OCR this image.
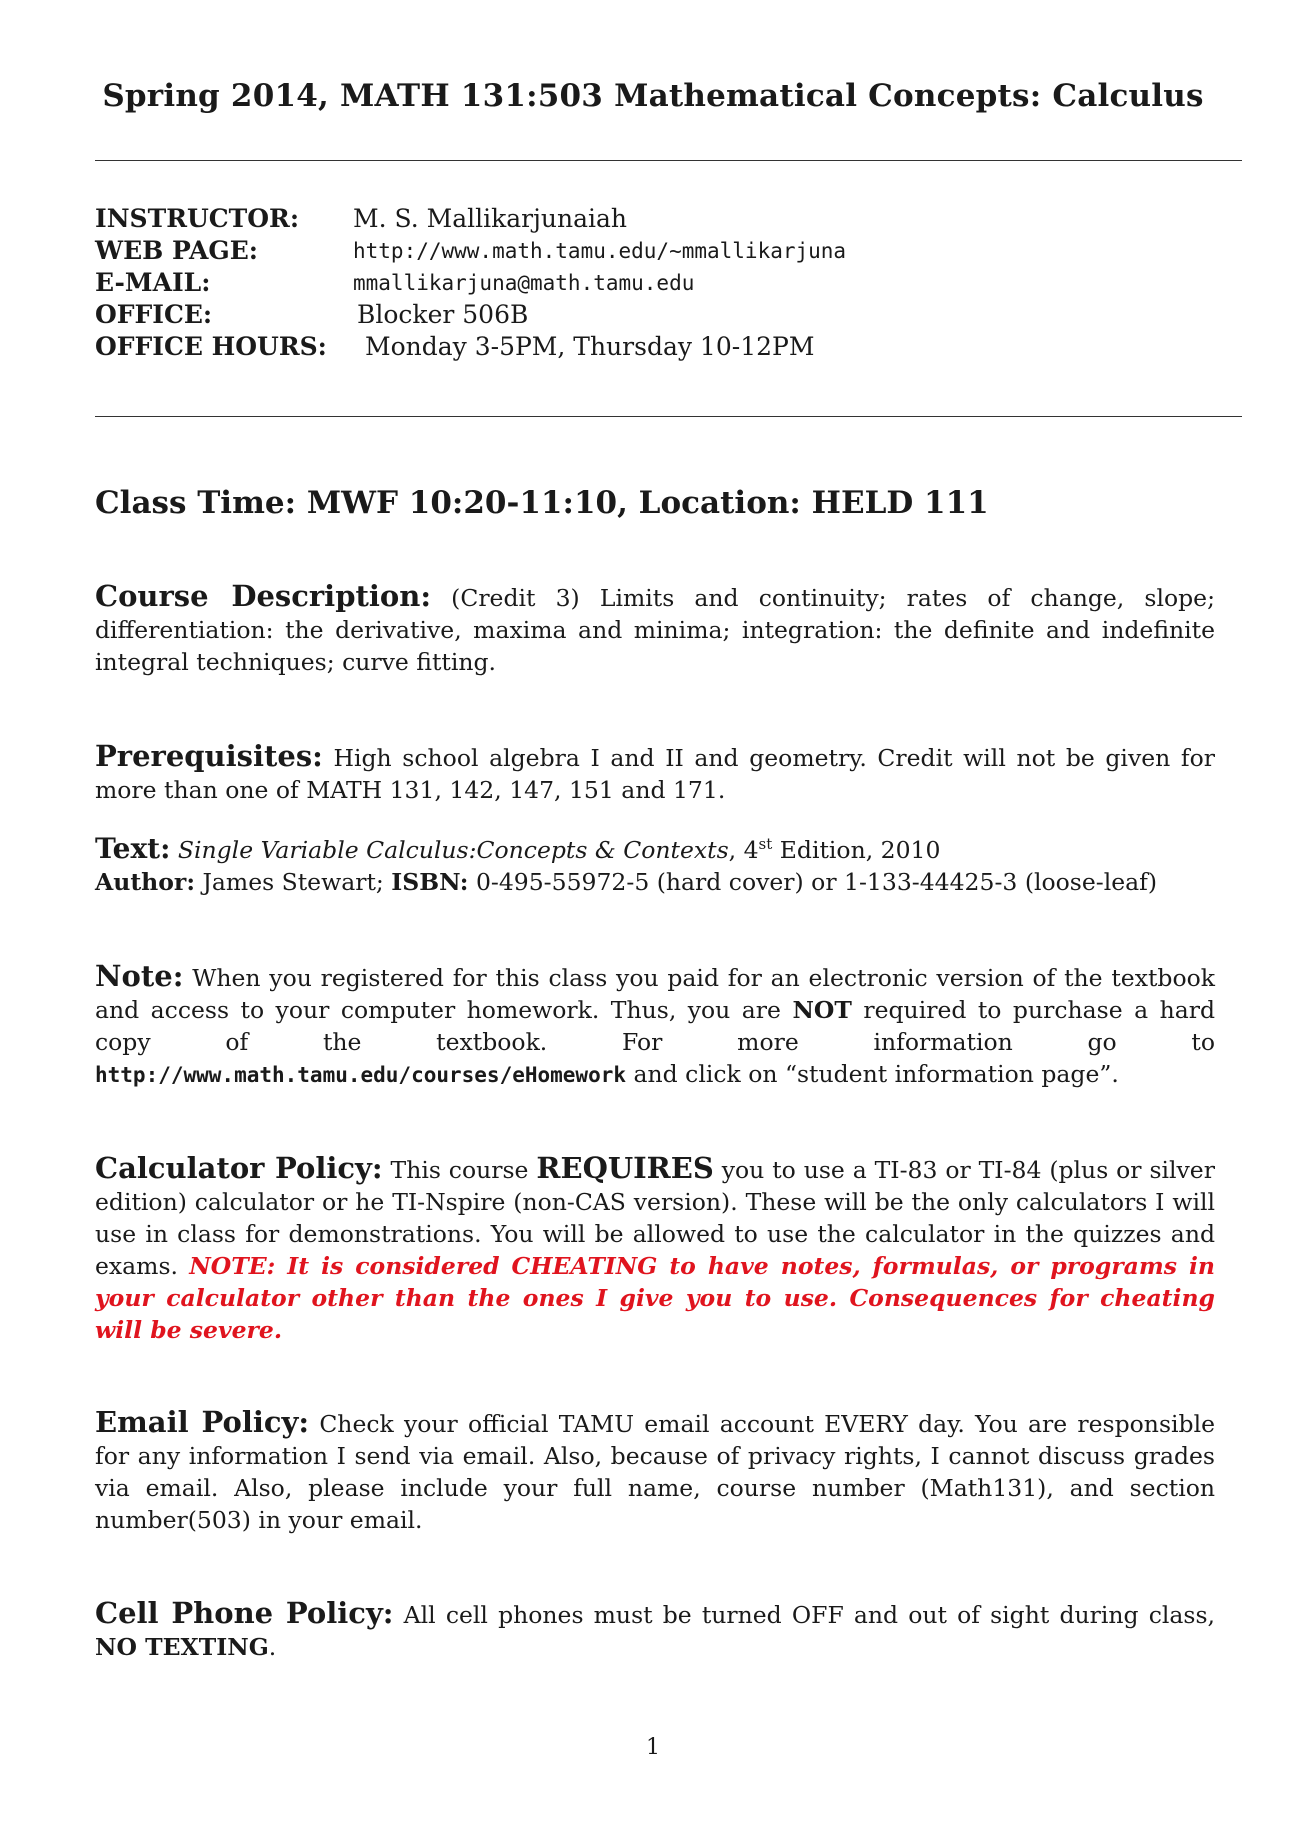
Spring 2014, MATH 131:503 Mathematical Concepts: Calculus
INSTRUCTOR: M. S. Mallikarjunaiah
WEB PAGE:	http://www.math.tamu.edu/~mmallikarjuna
E-MAIL:	mmallikarjuna@math.tamu.edu
OFFICE:	Blocker 506B
OFFICE HOURS: Monday 3-5PM, Thursday 10-12PM
Class Time: MWF 10:20-11:10, Location: HELD 111
Course Description: (Credit 3) Limits and continuity; rates of change, slope; differentiation: the derivative, maxima and minima; integration: the definite and indefinite integral techniques; curve fitting.
Prerequisites: High school algebra I and II and geometry. Credit will not be given for more than one of MATH 131, 142, 147, 151 and 171.
Text: Single Variable Calculus:Concepts & Contexts, 4st Edition, 2010
Author: James Stewart; ISBN: 0-495-55972-5 (hard cover) or 1-133-44425-3 (loose-leaf)
Note: When you registered for this class you paid for an electronic version of the textbook and access to your computer homework. Thus, you are NOT required to purchase a hard copy of the textbook. For more information go to http://www.math.tamu.edu/courses/eHomework and click on “student information page”.
Calculator Policy: This course REQUIRES you to use a TI-83 or TI-84 (plus or silver edition) calculator or he TI-Nspire (non-CAS version). These will be the only calculators I will use in class for demonstrations. You will be allowed to use the calculator in the quizzes and exams. NOTE: It is considered CHEATING to have notes, formulas, or programs in your calculator other than the ones I give you to use. Consequences for cheating will be severe.
Email Policy: Check your official TAMU email account EVERY day. You are responsible for any information I send via email. Also, because of privacy rights, I cannot discuss grades via email. Also, please include your full name, course number (Math131), and section number(503) in your email.
Cell Phone Policy: All cell phones must be turned OFF and out of sight during class, NO TEXTING.
1
